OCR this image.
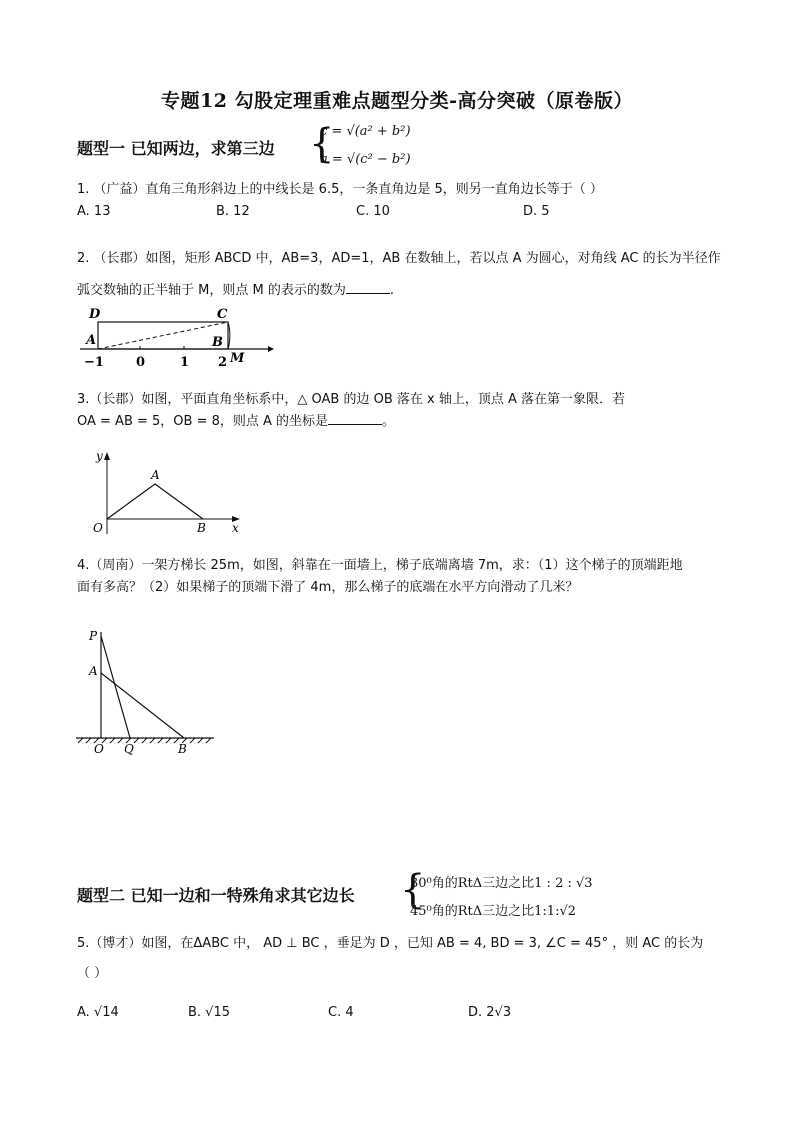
专题12 勾股定理重难点题型分类-高分突破（原卷版）
题型一 已知两边，求第三边 {
c = √(a² + b²)
a = √(c² − b²)
1. （广益）直角三角形斜边上的中线长是 6.5，一条直角边是 5，则另一直角边长等于（ ）
A. 13	B. 12	C. 10	D. 5
2. （长郡）如图，矩形 ABCD 中，AB=3，AD=1，AB 在数轴上，若以点 A 为圆心，对角线 AC 的长为半径作
弧交数轴的正半轴于 M，则点 M 的表示的数为	.
D	C
A	B
M
−1 0	1 2
3.（长郡）如图，平面直角坐标系中，△ OAB 的边 OB 落在 x 轴上，顶点 A 落在第一象限．若
OA = AB = 5，OB = 8，则点 A 的坐标是	。
y
A
O	B x
4.（周南）一架方梯长 25m，如图，斜靠在一面墙上，梯子底端离墙 7m，求：（1）这个梯子的顶端距地
面有多高？（2）如果梯子的顶端下滑了 4m，那么梯子的底端在水平方向滑动了几米？
P
A
O Q	B
题型二 已知一边和一特殊角求其它边长 {
30⁰角的RtΔ三边之比1 : 2 : √3
45⁰角的RtΔ三边之比1:1:√2
5.（博才）如图，在ΔABC 中， AD ⊥ BC ，垂足为 D ，已知 AB = 4, BD = 3, ∠C = 45° ，则 AC 的长为
（ ）
A. √14	B. √15	C. 4	D. 2√3
